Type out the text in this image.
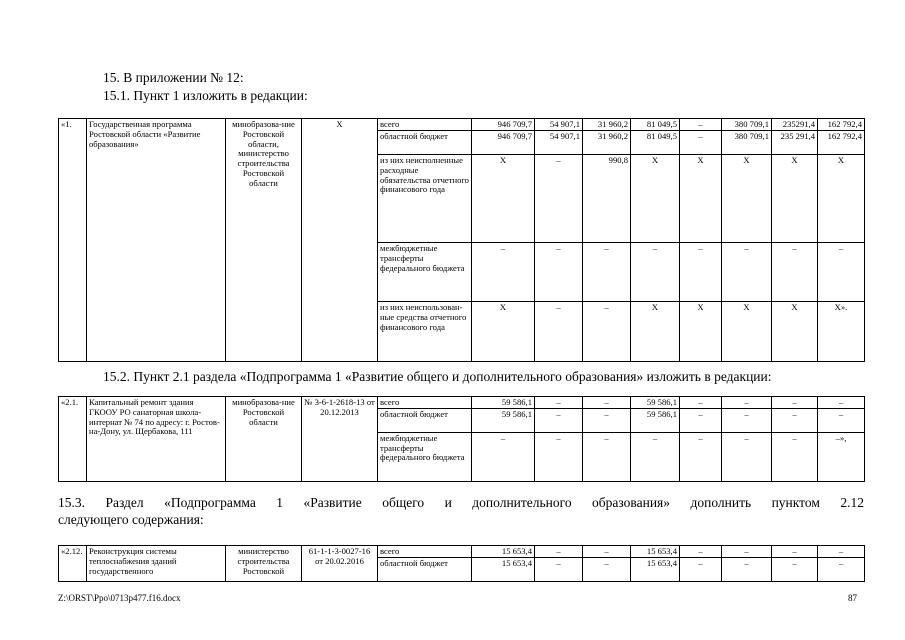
15. В приложении № 12:
15.1. Пункт 1 изложить в редакции:
«1.	Государственная программа Ростовской области «Развитие образования»	минобразова-ние Ростовской области, министерство строительства Ростовской области	Х	всего	946 709,7	54 907,1	31 960,2	81 049,5	–	380 709,1	235291,4	162 792,4
				областной бюджет	946 709,7	54 907,1	31 960,2	81 049,5	–	380 709,1	235 291,4	162 792,4
				из них неисполненные расходные обязательства отчетного финансового года	Х	–	990,8	Х	Х	Х	Х	Х
				межбюджетные трансферты федерального бюджета	–	–	–	–	–	–	–	–
				из них неиспользован-ные средства отчетного финансового года	Х	–	–	Х	Х	Х	Х	Х».
15.2. Пункт 2.1 раздела «Подпрограмма 1 «Развитие общего и дополнительного образования» изложить в редакции:
«2.1.	Капитальный ремонт здания ГКООУ РО санаторная школа-интернат № 74 по адресу: г. Ростов-на-Дону, ул. Щербакова, 111	минобразова-ние Ростовской области	№ 3-6-1-2618-13 от 20.12.2013	всего	59 586,1	–	–	59 586,1	–	–	–	–
				областной бюджет	59 586,1	–	–	59 586,1	–	–	–	–
				межбюджетные трансферты федерального бюджета	–	–	–	–	–	–	–	–»,
15.3. Раздел «Подпрограмма 1 «Развитие общего и дополнительного образования» дополнить пунктом 2.12
следующего содержания:
«2.12.	Реконструкция системы теплоснабжения зданий государственного	министерство строительства Ростовской	61-1-1-3-0027-16 от 20.02.2016	всего	15 653,4	–	–	15 653,4	–	–	–	–
				областной бюджет	15 653,4	–	–	15 653,4	–	–	–	–
Z:\ORST\Ppo\0713p477.f16.docx	87
